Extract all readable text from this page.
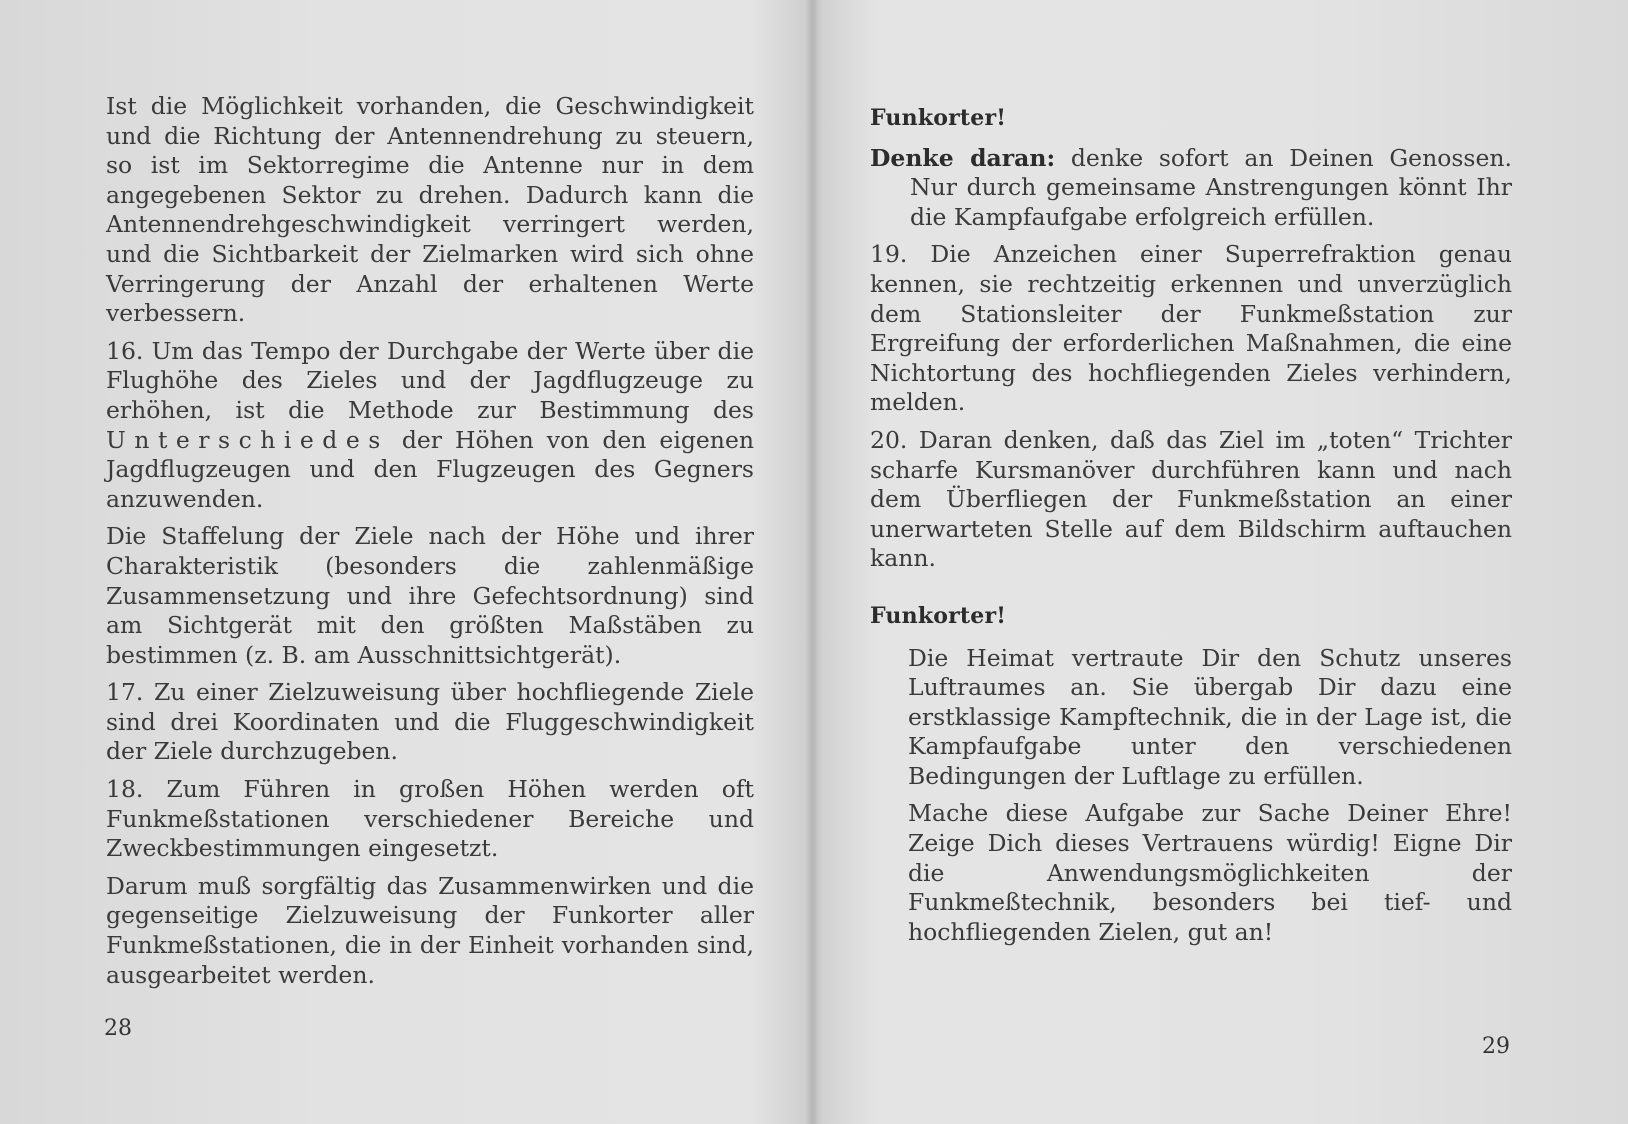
Ist die Möglichkeit vorhanden, die Geschwindigkeit und die Richtung der Antennendrehung zu steuern, so ist im Sektorregime die Antenne nur in dem angegebenen Sektor zu drehen. Dadurch kann die Antennendrehgeschwindigkeit verringert werden, und die Sichtbarkeit der Zielmarken wird sich ohne Verringerung der Anzahl der erhaltenen Werte verbessern.

16. Um das Tempo der Durchgabe der Werte über die Flughöhe des Zieles und der Jagdflugzeuge zu erhöhen, ist die Methode zur Bestimmung des Unterschiedes der Höhen von den eigenen Jagdflugzeugen und den Flugzeugen des Gegners anzuwenden.

Die Staffelung der Ziele nach der Höhe und ihrer Charakteristik (besonders die zahlenmäßige Zusammensetzung und ihre Gefechtsordnung) sind am Sichtgerät mit den größten Maßstäben zu bestimmen (z. B. am Ausschnittsichtgerät).

17. Zu einer Zielzuweisung über hochfliegende Ziele sind drei Koordinaten und die Fluggeschwindigkeit der Ziele durchzugeben.

18. Zum Führen in großen Höhen werden oft Funkmeßstationen verschiedener Bereiche und Zweckbestimmungen eingesetzt.

Darum muß sorgfältig das Zusammenwirken und die gegenseitige Zielzuweisung der Funkorter aller Funkmeßstationen, die in der Einheit vorhanden sind, ausgearbeitet werden.

28
Funkorter!

Denke daran: denke sofort an Deinen Genossen. Nur durch gemeinsame Anstrengungen könnt Ihr die Kampfaufgabe erfolgreich erfüllen.

19. Die Anzeichen einer Superrefraktion genau kennen, sie rechtzeitig erkennen und unverzüglich dem Stationsleiter der Funkmeßstation zur Ergreifung der erforderlichen Maßnahmen, die eine Nichtortung des hochfliegenden Zieles verhindern, melden.

20. Daran denken, daß das Ziel im „toten“ Trichter scharfe Kursmanöver durchführen kann und nach dem Überfliegen der Funkmeßstation an einer unerwarteten Stelle auf dem Bildschirm auftauchen kann.

Funkorter!

Die Heimat vertraute Dir den Schutz unseres Luftraumes an. Sie übergab Dir dazu eine erstklassige Kampftechnik, die in der Lage ist, die Kampfaufgabe unter den verschiedenen Bedingungen der Luftlage zu erfüllen.

Mache diese Aufgabe zur Sache Deiner Ehre! Zeige Dich dieses Vertrauens würdig! Eigne Dir die Anwendungsmöglichkeiten der Funkmeßtechnik, besonders bei tief- und hochfliegenden Zielen, gut an!

29
